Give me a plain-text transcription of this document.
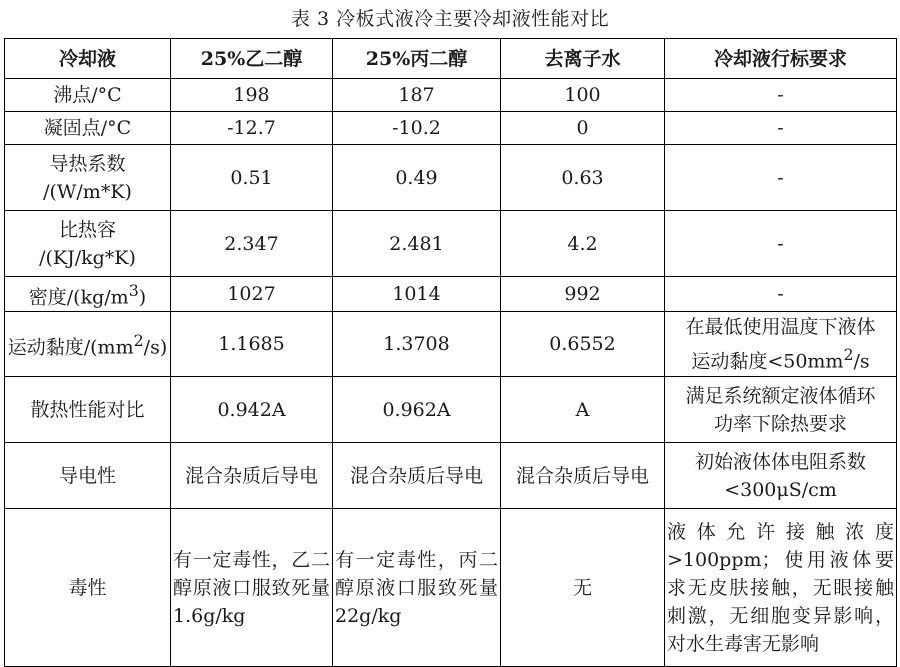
表 3 冷板式液冷主要冷却液性能对比
冷却液	25%乙二醇	25%丙二醇	去离子水	冷却液行标要求
沸点/°C	198	187	100	-
凝固点/°C	-12.7	-10.2	0	-

导热系数
/(W/m*K)	0.51	0.49	0.63	-

比热容
/(KJ/kg*K)	2.347	2.481	4.2	-
密度$/(kg/m^3)$	1027	1014	992	-
运动黏度$/(mm^2/s)$	1.1685	1.3708	0.6552	在最低使用温度下液体
运动黏度$<50mm^2/s$

散热性能对比	0.942A	0.962A	A	满足系统额定液体循环
功率下除热要求

导电性	混合杂质后导电	混合杂质后导电	混合杂质后导电	初始液体体电阻系数
<300μS/cm

毒性	有一定毒性，乙二醇原液口服致死量 1.6g/kg	有一定毒性，丙二醇原液口服致死量 22g/kg	无	液体允许接触浓度>100ppm；使用液体要求无皮肤接触，无眼接触刺激，无细胞变异影响，对水生毒害无影响
